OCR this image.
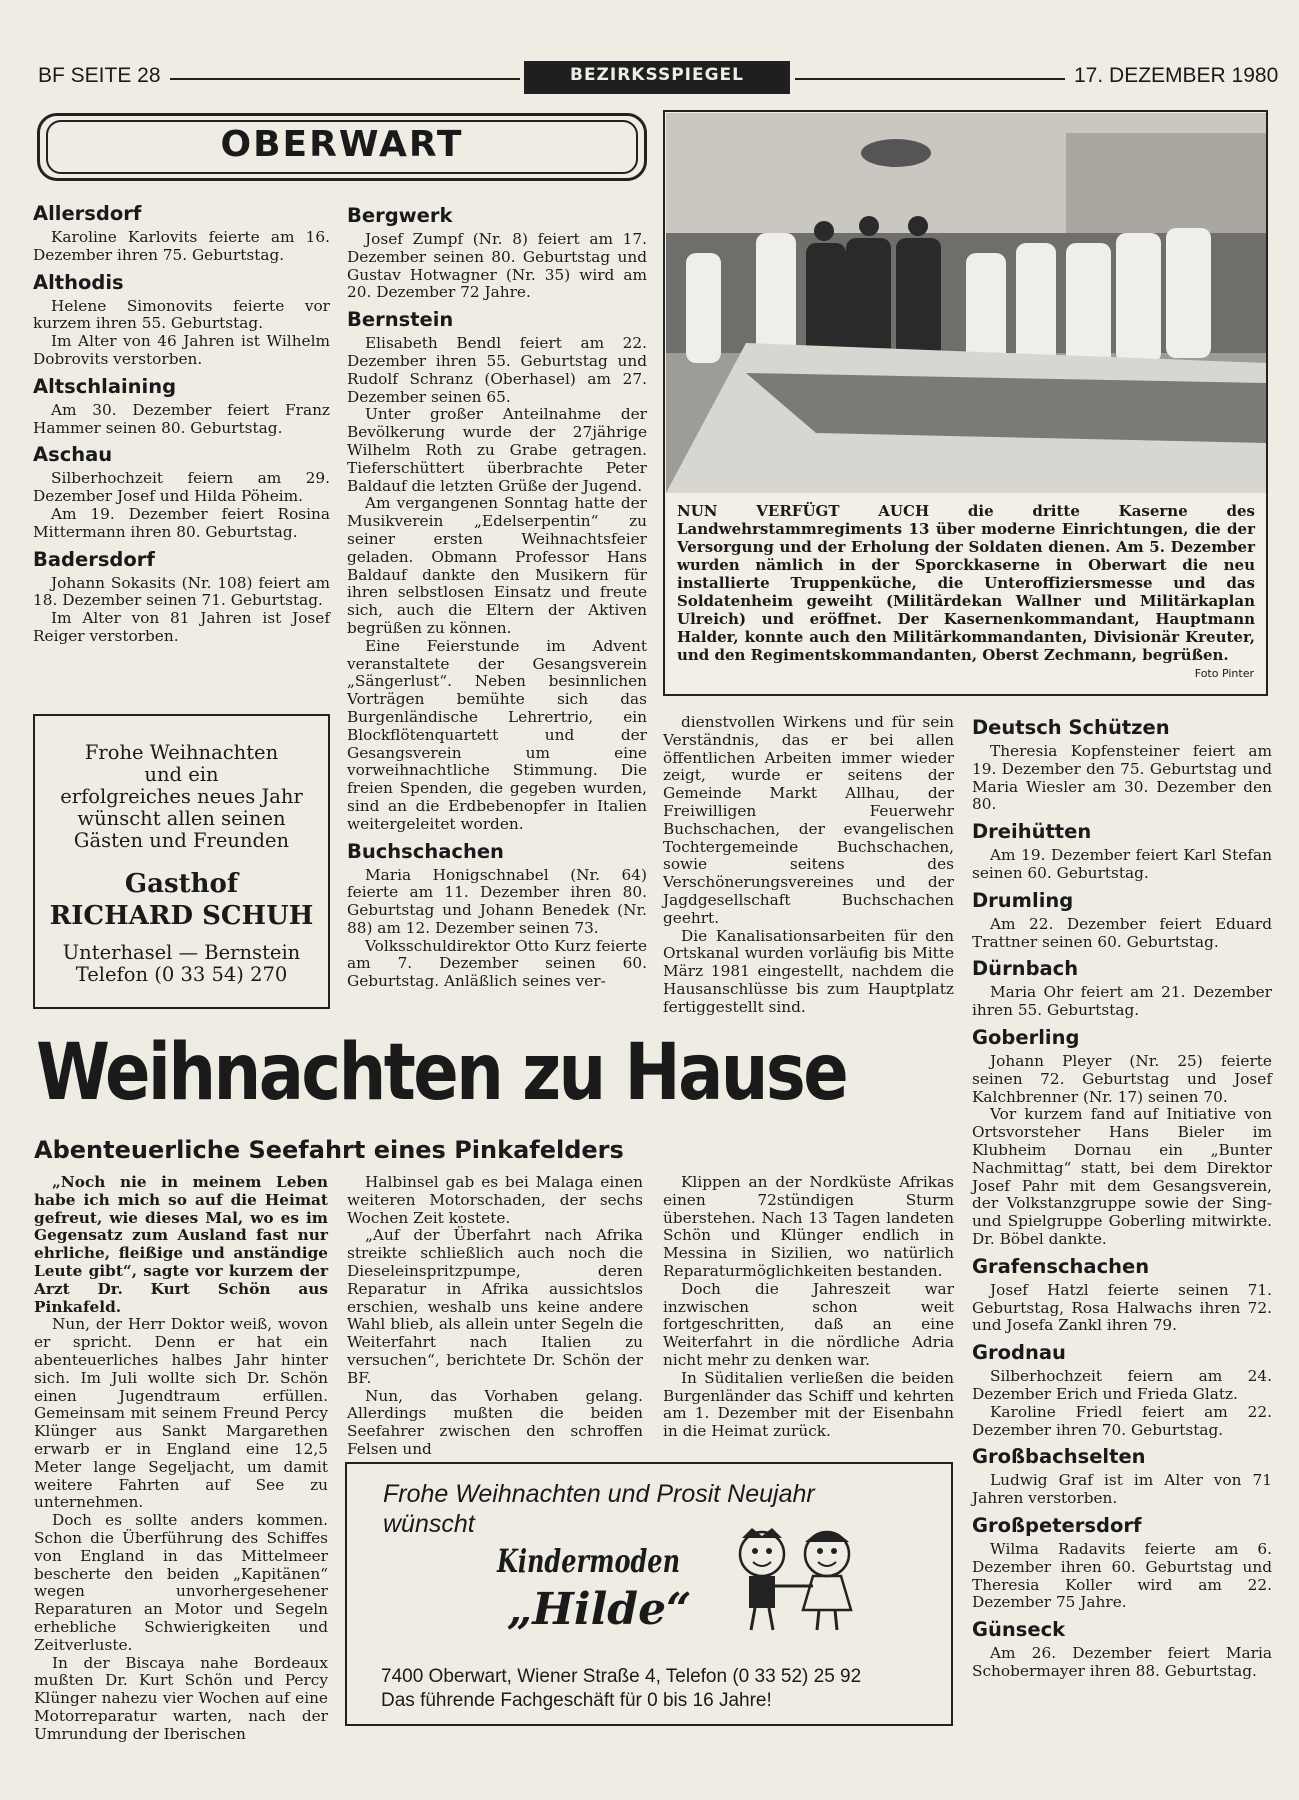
BF SEITE 28	BEZIRKSSPIEGEL	17. DEZEMBER 1980
OBERWART
NUN VERFÜGT AUCH die dritte Kaserne des Landwehrstammregiments 13 über moderne Einrichtungen, die der Versorgung und der Erholung der Soldaten dienen. Am 5. Dezember wurden nämlich in der Sporckkaserne in Oberwart die neu installierte Truppenküche, die Unteroffiziersmesse und das Soldatenheim geweiht (Militärdekan Wallner und Militärkaplan Ulreich) und eröffnet. Der Kasernenkommandant, Hauptmann Halder, konnte auch den Militärkommandanten, Divisionär Kreuter, und den Regimentskommandanten, Oberst Zechmann, begrüßen.
Foto Pinter
Allersdorf

Karoline Karlovits feierte am 16. Dezember ihren 75. Geburtstag.

Althodis

Helene Simonovits feierte vor kurzem ihren 55. Geburtstag.

Im Alter von 46 Jahren ist Wilhelm Dobrovits verstorben.

Altschlaining

Am 30. Dezember feiert Franz Hammer seinen 80. Geburtstag.

Aschau

Silberhochzeit feiern am 29. Dezember Josef und Hilda Pöheim.

Am 19. Dezember feiert Rosina Mittermann ihren 80. Geburtstag.

Badersdorf

Johann Sokasits (Nr. 108) feiert am 18. Dezember seinen 71. Geburtstag.

Im Alter von 81 Jahren ist Josef Reiger verstorben.

Bergwerk

Josef Zumpf (Nr. 8) feiert am 17. Dezember seinen 80. Geburtstag und Gustav Hotwagner (Nr. 35) wird am 20. Dezember 72 Jahre.

Bernstein

Elisabeth Bendl feiert am 22. Dezember ihren 55. Geburtstag und Rudolf Schranz (Oberhasel) am 27. Dezember seinen 65.

Unter großer Anteilnahme der Bevölkerung wurde der 27jährige Wilhelm Roth zu Grabe getragen. Tieferschüttert überbrachte Peter Baldauf die letzten Grüße der Jugend.

Am vergangenen Sonntag hatte der Musikverein „Edelserpentin“ zu seiner ersten Weihnachtsfeier geladen. Obmann Professor Hans Baldauf dankte den Musikern für ihren selbstlosen Einsatz und freute sich, auch die Eltern der Aktiven begrüßen zu können.

Eine Feierstunde im Advent veranstaltete der Gesangsverein „Sängerlust“. Neben besinnlichen Vorträgen bemühte sich das Burgenländische Lehrertrio, ein Blockflötenquartett und der Gesangsverein um eine vorweihnachtliche Stimmung. Die freien Spenden, die gegeben wurden, sind an die Erdbebenopfer in Italien weitergeleitet worden.

Buchschachen

Maria Honigschnabel (Nr. 64) feierte am 11. Dezember ihren 80. Geburtstag und Johann Benedek (Nr. 88) am 12. Dezember seinen 73.

Volksschuldirektor Otto Kurz feierte am 7. Dezember seinen 60. Geburtstag. Anläßlich seines ver-

dienstvollen Wirkens und für sein Verständnis, das er bei allen öffentlichen Arbeiten immer wieder zeigt, wurde er seitens der Gemeinde Markt Allhau, der Freiwilligen Feuerwehr Buchschachen, der evangelischen Tochtergemeinde Buchschachen, sowie seitens des Verschönerungsvereines und der Jagdgesellschaft Buchschachen geehrt.

Die Kanalisationsarbeiten für den Ortskanal wurden vorläufig bis Mitte März 1981 eingestellt, nachdem die Hausanschlüsse bis zum Hauptplatz fertiggestellt sind.

Deutsch Schützen

Theresia Kopfensteiner feiert am 19. Dezember den 75. Geburtstag und Maria Wiesler am 30. Dezember den 80.

Dreihütten

Am 19. Dezember feiert Karl Stefan seinen 60. Geburtstag.

Drumling

Am 22. Dezember feiert Eduard Trattner seinen 60. Geburtstag.

Dürnbach

Maria Ohr feiert am 21. Dezember ihren 55. Geburtstag.

Goberling

Johann Pleyer (Nr. 25) feierte seinen 72. Geburtstag und Josef Kalchbrenner (Nr. 17) seinen 70.

Vor kurzem fand auf Initiative von Ortsvorsteher Hans Bieler im Klubheim Dornau ein „Bunter Nachmittag“ statt, bei dem Direktor Josef Pahr mit dem Gesangsverein, der Volkstanzgruppe sowie der Sing- und Spielgruppe Goberling mitwirkte. Dr. Böbel dankte.

Grafenschachen

Josef Hatzl feierte seinen 71. Geburtstag, Rosa Halwachs ihren 72. und Josefa Zankl ihren 79.

Grodnau

Silberhochzeit feiern am 24. Dezember Erich und Frieda Glatz.

Karoline Friedl feiert am 22. Dezember ihren 70. Geburtstag.

Großbachselten

Ludwig Graf ist im Alter von 71 Jahren verstorben.

Großpetersdorf

Wilma Radavits feierte am 6. Dezember ihren 60. Geburtstag und Theresia Koller wird am 22. Dezember 75 Jahre.

Günseck

Am 26. Dezember feiert Maria Schobermayer ihren 88. Geburtstag.

Frohe Weihnachten
und ein
erfolgreiches neues Jahr
wünscht allen seinen
Gästen und Freunden
Gasthof
RICHARD SCHUH
Unterhasel — Bernstein
Telefon (0 33 54) 270
Weihnachten zu Hause
Abenteuerliche Seefahrt eines Pinkafelders

„Noch nie in meinem Leben habe ich mich so auf die Heimat gefreut, wie dieses Mal, wo es im Gegensatz zum Ausland fast nur ehrliche, fleißige und anständige Leute gibt“, sagte vor kurzem der Arzt Dr. Kurt Schön aus Pinkafeld.

Nun, der Herr Doktor weiß, wovon er spricht. Denn er hat ein abenteuerliches halbes Jahr hinter sich. Im Juli wollte sich Dr. Schön einen Jugendtraum erfüllen. Gemeinsam mit seinem Freund Percy Klünger aus Sankt Margarethen erwarb er in England eine 12,5 Meter lange Segeljacht, um damit weitere Fahrten auf See zu unternehmen.

Doch es sollte anders kommen. Schon die Überführung des Schiffes von England in das Mittelmeer bescherte den beiden „Kapitänen“ wegen unvorhergesehener Reparaturen an Motor und Segeln erhebliche Schwierigkeiten und Zeitverluste.

In der Biscaya nahe Bordeaux mußten Dr. Kurt Schön und Percy Klünger nahezu vier Wochen auf eine Motorreparatur warten, nach der Umrundung der Iberischen

Halbinsel gab es bei Malaga einen weiteren Motorschaden, der sechs Wochen Zeit kostete.

„Auf der Überfahrt nach Afrika streikte schließlich auch noch die Dieseleinspritzpumpe, deren Reparatur in Afrika aussichtslos erschien, weshalb uns keine andere Wahl blieb, als allein unter Segeln die Weiterfahrt nach Italien zu versuchen“, berichtete Dr. Schön der BF.

Nun, das Vorhaben gelang. Allerdings mußten die beiden Seefahrer zwischen den schroffen Felsen und

Klippen an der Nordküste Afrikas einen 72stündigen Sturm überstehen. Nach 13 Tagen landeten Schön und Klünger endlich in Messina in Sizilien, wo natürlich Reparaturmöglichkeiten bestanden.

Doch die Jahreszeit war inzwischen schon weit fortgeschritten, daß an eine Weiterfahrt in die nördliche Adria nicht mehr zu denken war.

In Süditalien verließen die beiden Burgenländer das Schiff und kehrten am 1. Dezember mit der Eisenbahn in die Heimat zurück.

Frohe Weihnachten und Prosit Neujahr
wünscht
Kindermoden
„Hilde“
7400 Oberwart, Wiener Straße 4, Telefon (0 33 52) 25 92
Das führende Fachgeschäft für 0 bis 16 Jahre!
